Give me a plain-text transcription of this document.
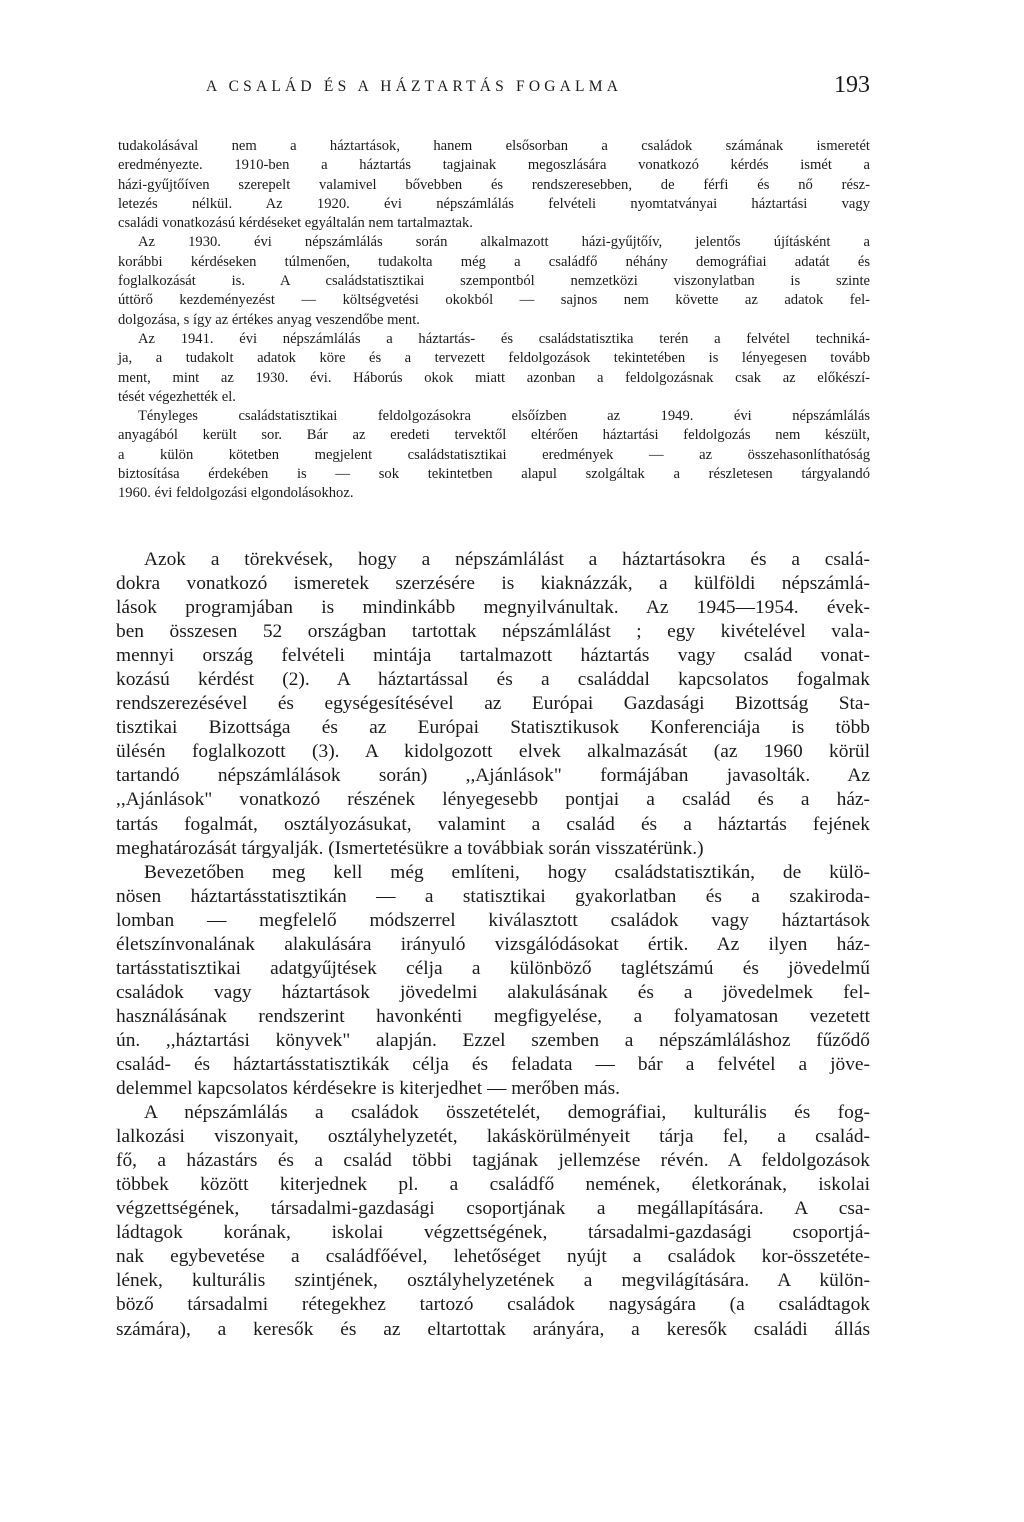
A CSALÁD ÉS A HÁZTARTÁS FOGALMA	193
tudakolásával nem a háztartások, hanem elsősorban a családok számának ismeretét
eredményezte. 1910-ben a háztartás tagjainak megoszlására vonatkozó kérdés ismét a
házi-gyűjtőíven szerepelt valamivel bővebben és rendszeresebben, de férfi és nő rész-
letezés nélkül. Az 1920. évi népszámlálás felvételi nyomtatványai háztartási vagy
családi vonatkozású kérdéseket egyáltalán nem tartalmaztak.
Az 1930. évi népszámlálás során alkalmazott házi-gyűjtőív, jelentős újításként a
korábbi kérdéseken túlmenően, tudakolta még a családfő néhány demográfiai adatát és
foglalkozását is. A családstatisztikai szempontból nemzetközi viszonylatban is szinte
úttörő kezdeményezést — költségvetési okokból — sajnos nem követte az adatok fel-
dolgozása, s így az értékes anyag veszendőbe ment.
Az 1941. évi népszámlálás a háztartás- és családstatisztika terén a felvétel techniká-
ja, a tudakolt adatok köre és a tervezett feldolgozások tekintetében is lényegesen tovább
ment, mint az 1930. évi. Háborús okok miatt azonban a feldolgozásnak csak az előkészí-
tését végezhették el.
Tényleges családstatisztikai feldolgozásokra elsőízben az 1949. évi népszámlálás
anyagából került sor. Bár az eredeti tervektől eltérően háztartási feldolgozás nem készült,
a külön kötetben megjelent családstatisztikai eredmények — az összehasonlíthatóság
biztosítása érdekében is — sok tekintetben alapul szolgáltak a részletesen tárgyalandó
1960. évi feldolgozási elgondolásokhoz.
Azok a törekvések, hogy a népszámlálást a háztartásokra és a csalá-
dokra vonatkozó ismeretek szerzésére is kiaknázzák, a külföldi népszámlá-
lások programjában is mindinkább megnyilvánultak. Az 1945—1954. évek-
ben összesen 52 országban tartottak népszámlálást ; egy kivételével vala-
mennyi ország felvételi mintája tartalmazott háztartás vagy család vonat-
kozású kérdést (2). A háztartással és a családdal kapcsolatos fogalmak
rendszerezésével és egységesítésével az Európai Gazdasági Bizottság Sta-
tisztikai Bizottsága és az Európai Statisztikusok Konferenciája is több
ülésén foglalkozott (3). A kidolgozott elvek alkalmazását (az 1960 körül
tartandó népszámlálások során) ,,Ajánlások" formájában javasolták. Az
,,Ajánlások" vonatkozó részének lényegesebb pontjai a család és a ház-
tartás fogalmát, osztályozásukat, valamint a család és a háztartás fejének
meghatározását tárgyalják. (Ismertetésükre a továbbiak során visszatérünk.)
Bevezetőben meg kell még említeni, hogy családstatisztikán, de külö-
nösen háztartásstatisztikán — a statisztikai gyakorlatban és a szakiroda-
lomban — megfelelő módszerrel kiválasztott családok vagy háztartások
életszínvonalának alakulására irányuló vizsgálódásokat értik. Az ilyen ház-
tartásstatisztikai adatgyűjtések célja a különböző taglétszámú és jövedelmű
családok vagy háztartások jövedelmi alakulásának és a jövedelmek fel-
használásának rendszerint havonkénti megfigyelése, a folyamatosan vezetett
ún. ,,háztartási könyvek" alapján. Ezzel szemben a népszámláláshoz fűződő
család- és háztartásstatisztikák célja és feladata — bár a felvétel a jöve-
delemmel kapcsolatos kérdésekre is kiterjedhet — merőben más.
A népszámlálás a családok összetételét, demográfiai, kulturális és fog-
lalkozási viszonyait, osztályhelyzetét, lakáskörülményeit tárja fel, a család-
fő, a házastárs és a család többi tagjának jellemzése révén. A feldolgozások
többek között kiterjednek pl. a családfő nemének, életkorának, iskolai
végzettségének, társadalmi-gazdasági csoportjának a megállapítására. A csa-
ládtagok korának, iskolai végzettségének, társadalmi-gazdasági csoportjá-
nak egybevetése a családfőével, lehetőséget nyújt a családok kor-összetéte-
lének, kulturális szintjének, osztályhelyzetének a megvilágítására. A külön-
böző társadalmi rétegekhez tartozó családok nagyságára (a családtagok
számára), a keresők és az eltartottak arányára, a keresők családi állás
